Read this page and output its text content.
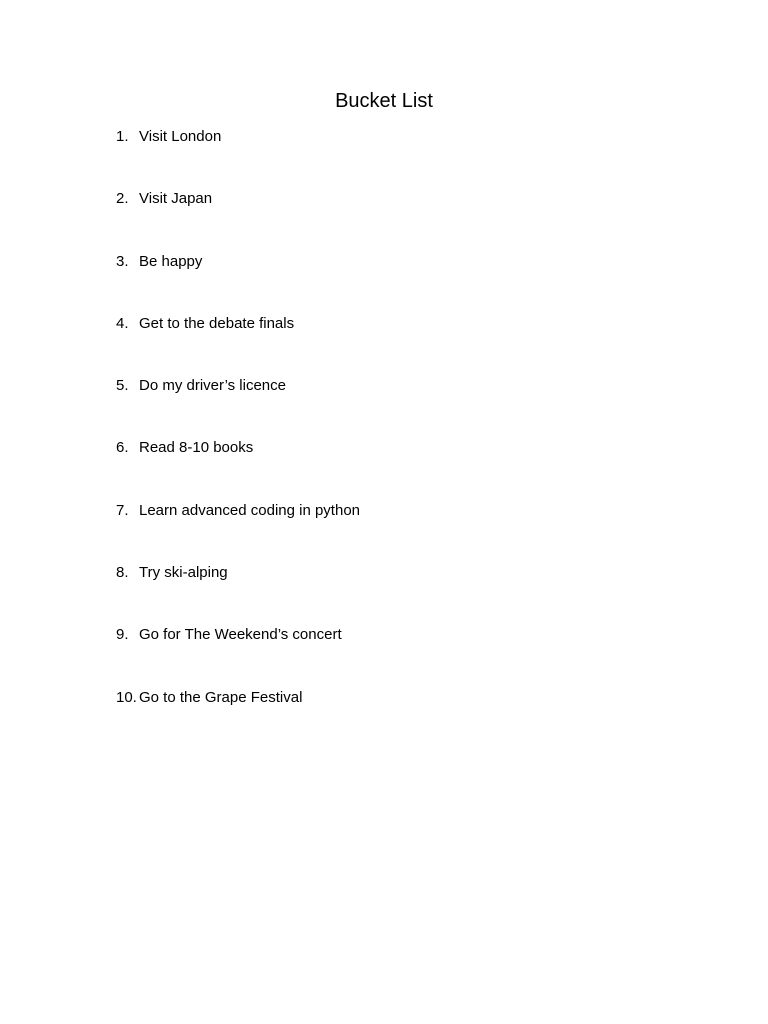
Bucket List
1. Visit London
2. Visit Japan
3. Be happy
4. Get to the debate finals
5. Do my driver’s licence
6. Read 8-10 books
7. Learn advanced coding in python
8. Try ski-alping
9. Go for The Weekend’s concert
10. Go to the Grape Festival
